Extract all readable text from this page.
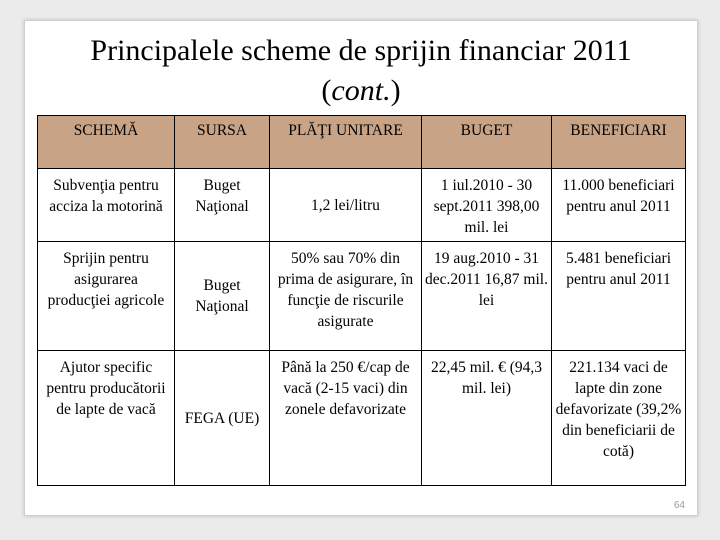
Principalele scheme de sprijin financiar 2011
(cont.)
SCHEMĂ	SURSA	PLĂŢI UNITARE	BUGET	BENEFICIARI
Subvenţia pentru acciza la motorină	Buget Naţional	1,2 lei/litru	1 iul.2010 - 30 sept.2011 398,00 mil. lei	11.000 beneficiari pentru anul 2011
Sprijin pentru asigurarea producţiei agricole	Buget Naţional	50% sau 70% din prima de asigurare, în funcţie de riscurile asigurate	19 aug.2010 - 31 dec.2011 16,87 mil. lei	5.481 beneficiari pentru anul 2011
Ajutor specific pentru producătorii de lapte de vacă	FEGA (UE)	Până la 250 €/cap de vacă (2-15 vaci) din zonele defavorizate	22,45 mil. € (94,3 mil. lei)	221.134 vaci de lapte din zone defavorizate (39,2% din beneficiarii de cotă)
64
